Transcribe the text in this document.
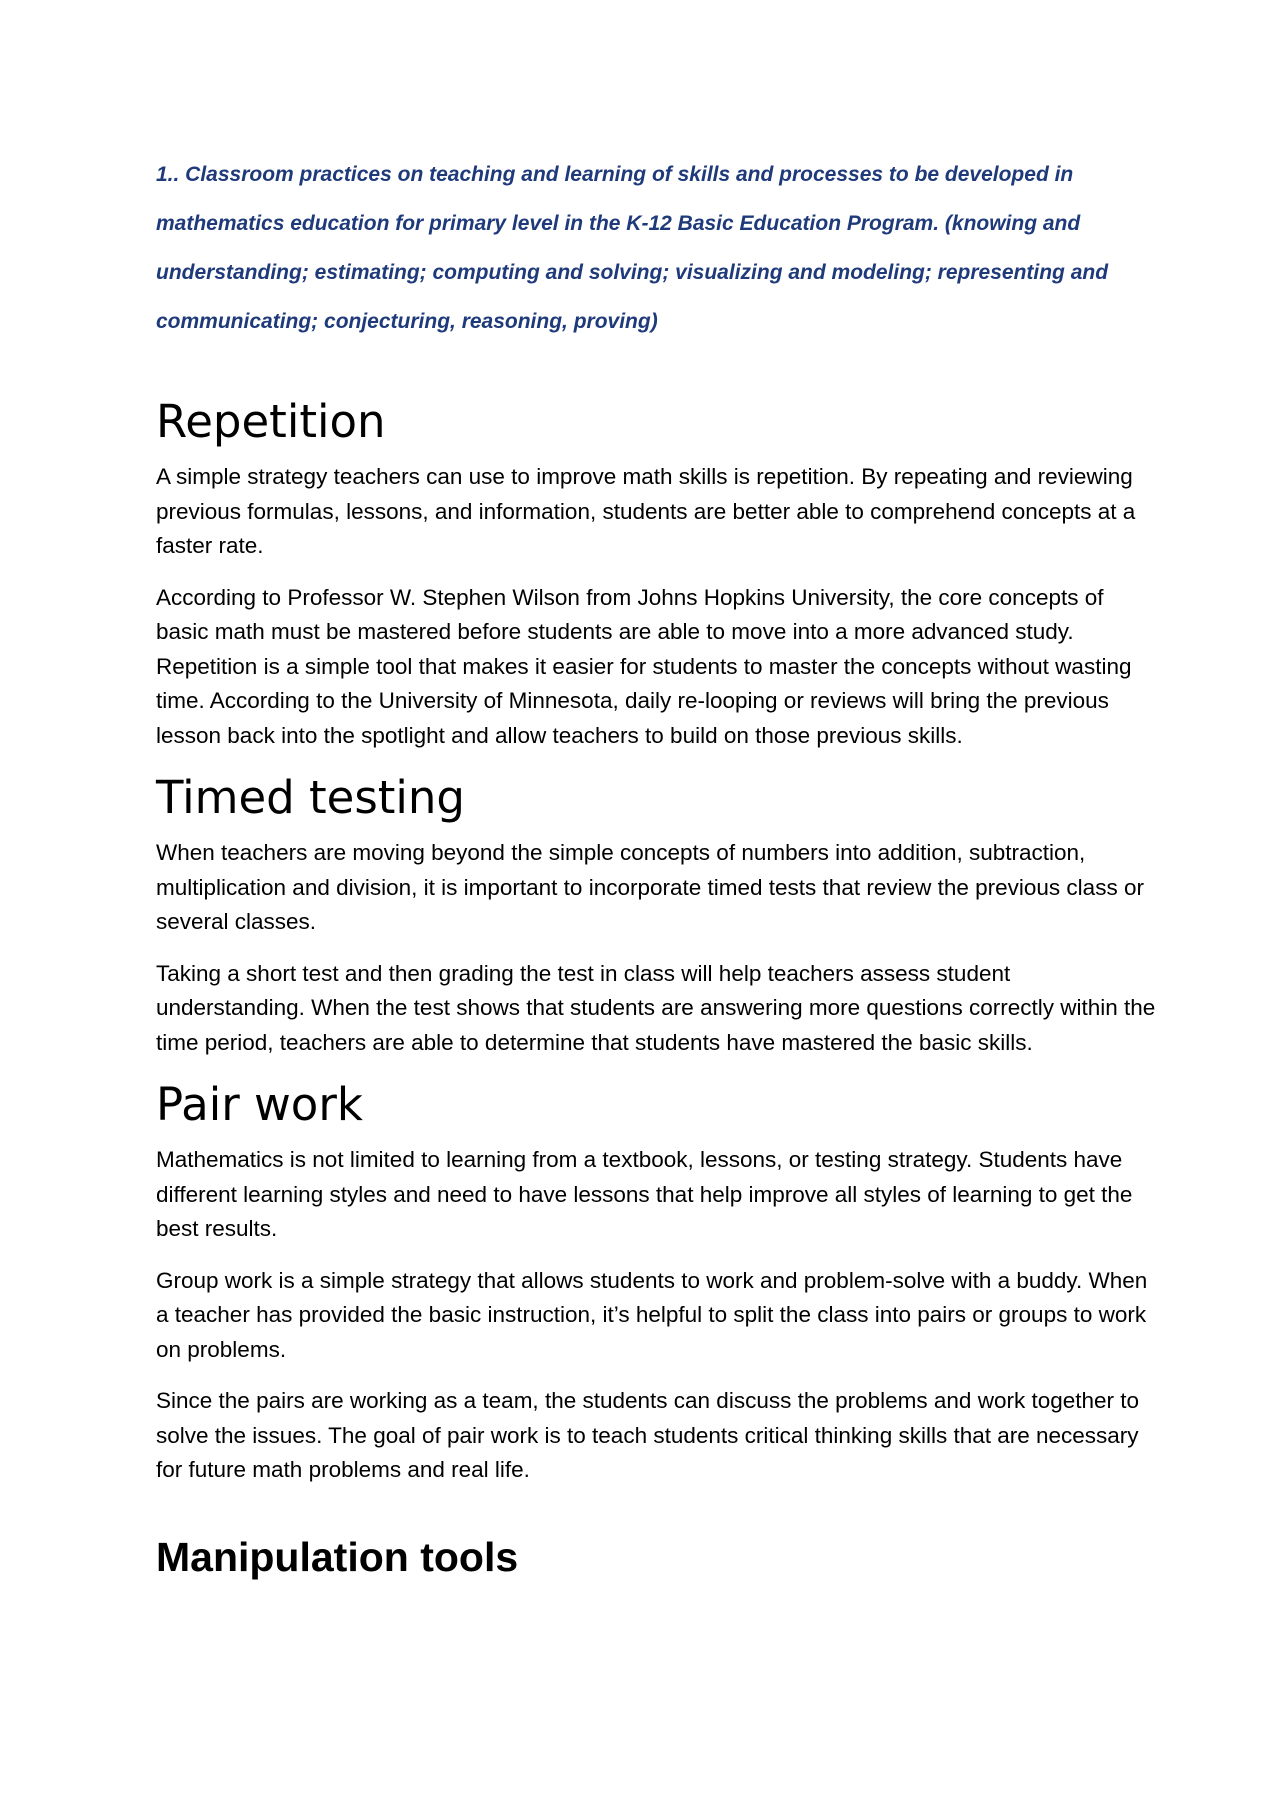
1.. Classroom practices on teaching and learning of skills and processes to be developed in mathematics education for primary level in the K-12 Basic Education Program. (knowing and understanding; estimating; computing and solving; visualizing and modeling; representing and communicating; conjecturing, reasoning, proving)

Repetition

A simple strategy teachers can use to improve math skills is repetition. By repeating and reviewing previous formulas, lessons, and information, students are better able to comprehend concepts at a faster rate.

According to Professor W. Stephen Wilson from Johns Hopkins University, the core concepts of basic math must be mastered before students are able to move into a more advanced study. Repetition is a simple tool that makes it easier for students to master the concepts without wasting time. According to the University of Minnesota, daily re-looping or reviews will bring the previous lesson back into the spotlight and allow teachers to build on those previous skills.

Timed testing

When teachers are moving beyond the simple concepts of numbers into addition, subtraction, multiplication and division, it is important to incorporate timed tests that review the previous class or several classes.

Taking a short test and then grading the test in class will help teachers assess student understanding. When the test shows that students are answering more questions correctly within the time period, teachers are able to determine that students have mastered the basic skills.

Pair work

Mathematics is not limited to learning from a textbook, lessons, or testing strategy. Students have different learning styles and need to have lessons that help improve all styles of learning to get the best results.

Group work is a simple strategy that allows students to work and problem-solve with a buddy. When a teacher has provided the basic instruction, it’s helpful to split the class into pairs or groups to work on problems.

Since the pairs are working as a team, the students can discuss the problems and work together to solve the issues. The goal of pair work is to teach students critical thinking skills that are necessary for future math problems and real life.

Manipulation tools
